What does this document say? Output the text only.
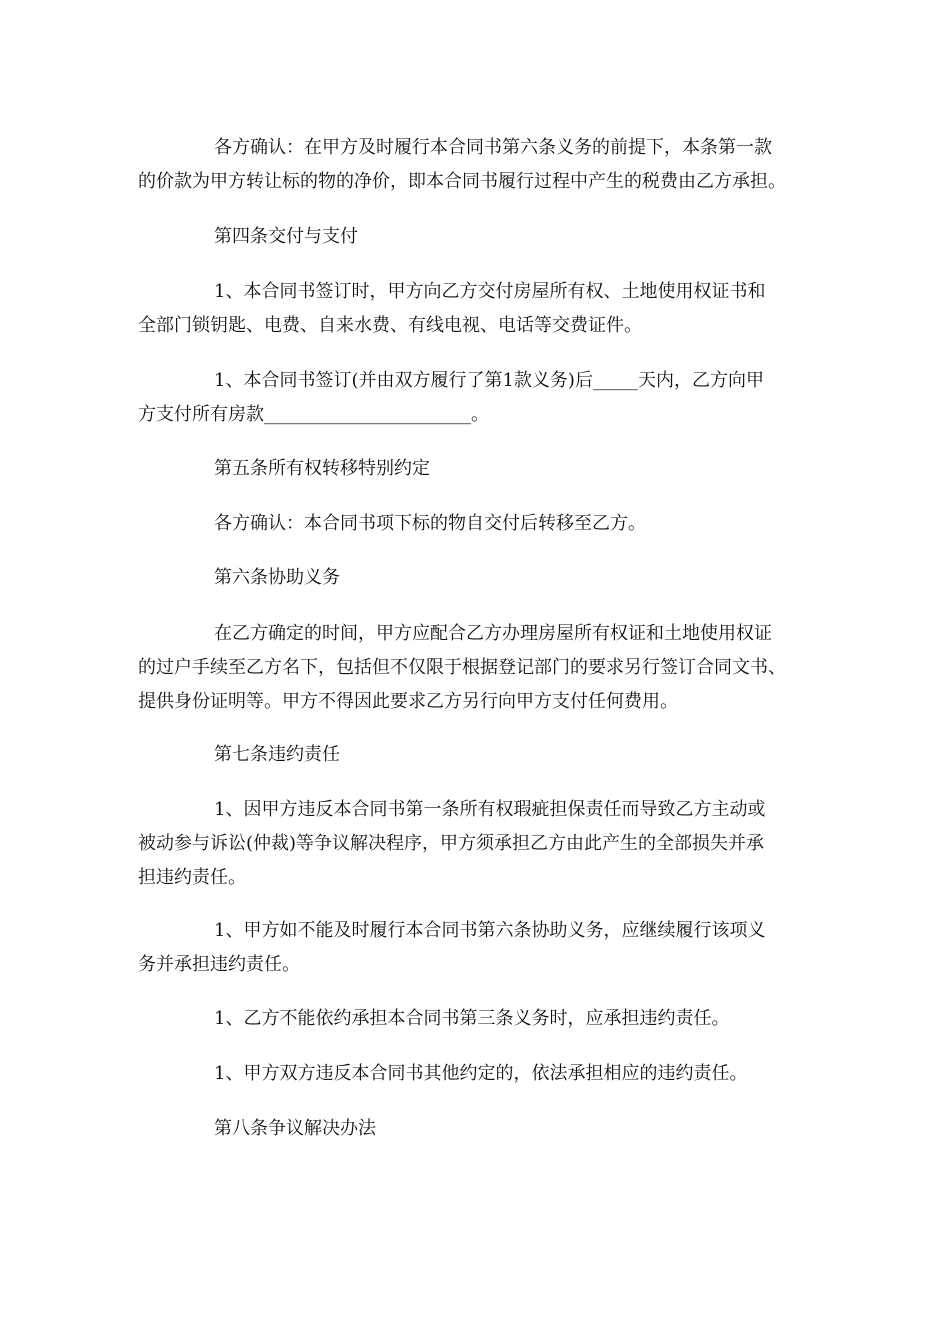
各方确认：在甲方及时履行本合同书第六条义务的前提下，本条第一款
的价款为甲方转让标的物的净价，即本合同书履行过程中产生的税费由乙方承担。
第四条交付与支付
1、本合同书签订时，甲方向乙方交付房屋所有权、土地使用权证书和
全部门锁钥匙、电费、自来水费、有线电视、电话等交费证件。
1、本合同书签订(并由双方履行了第1款义务)后_____天内，乙方向甲
方支付所有房款_______________________。
第五条所有权转移特别约定
各方确认：本合同书项下标的物自交付后转移至乙方。
第六条协助义务
在乙方确定的时间，甲方应配合乙方办理房屋所有权证和土地使用权证
的过户手续至乙方名下，包括但不仅限于根据登记部门的要求另行签订合同文书、
提供身份证明等。甲方不得因此要求乙方另行向甲方支付任何费用。
第七条违约责任
1、因甲方违反本合同书第一条所有权瑕疵担保责任而导致乙方主动或
被动参与诉讼(仲裁)等争议解决程序，甲方须承担乙方由此产生的全部损失并承
担违约责任。
1、甲方如不能及时履行本合同书第六条协助义务，应继续履行该项义
务并承担违约责任。
1、乙方不能依约承担本合同书第三条义务时，应承担违约责任。
1、甲方双方违反本合同书其他约定的，依法承担相应的违约责任。
第八条争议解决办法
